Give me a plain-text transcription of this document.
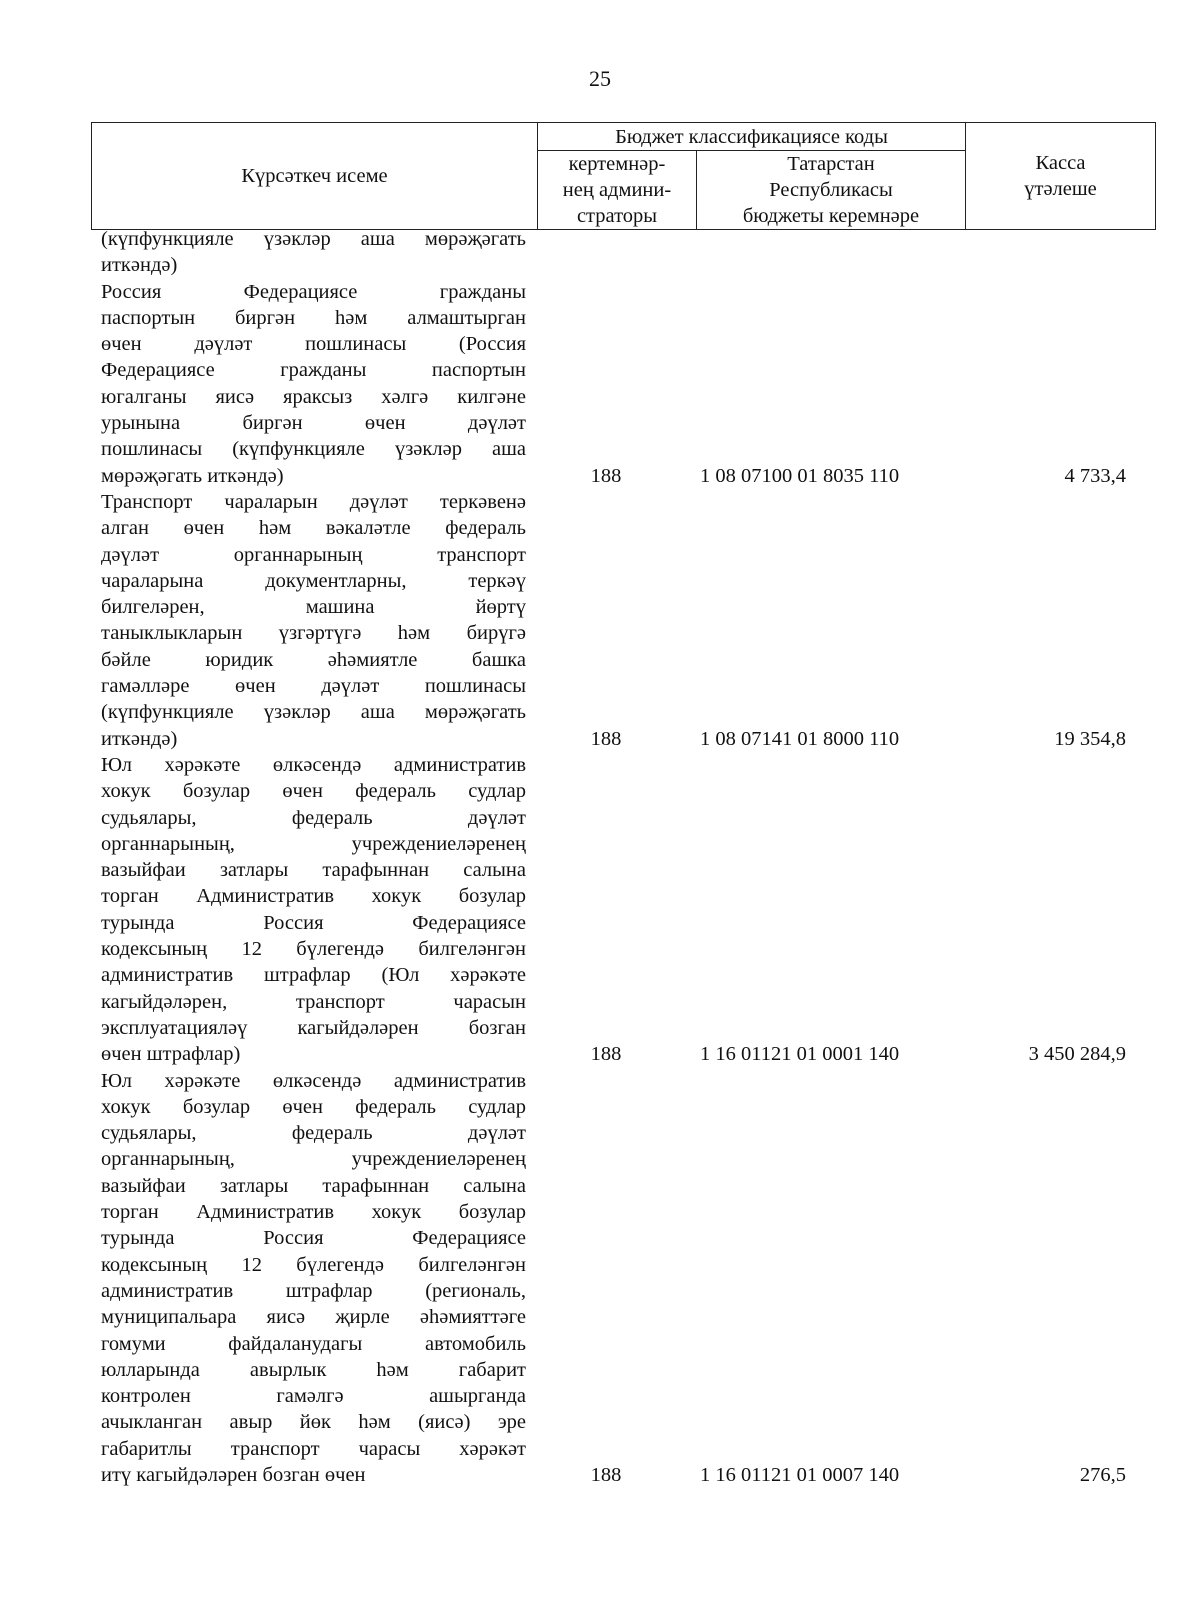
25
Күрсәткеч исеме	Бюджет классификациясе коды		Касса
үтәлеше
	кертемнәр-
нең админи-
страторы	Татарстан
Республикасы
бюджеты керемнәре	
(күпфункцияле үзәкләр аша мөрәҗәгать
иткәндә)
Россия Федерациясе гражданы
паспортын биргән һәм алмаштырган
өчен дәүләт пошлинасы (Россия
Федерациясе гражданы паспортын
югалганы яисә яраксыз хәлгә килгәне
урынына биргән өчен дәүләт
пошлинасы (күпфункцияле үзәкләр аша
мөрәҗәгать иткәндә)	188	1 08 07100 01 8035 110	4 733,4
Транспорт чараларын дәүләт теркәвенә
алган өчен һәм вәкаләтле федераль
дәүләт органнарының транспорт
чараларына документларны, теркәү
билгеләрен, машина йөртү
таныклыкларын үзгәртүгә һәм бирүгә
бәйле юридик әһәмиятле башка
гамәлләре өчен дәүләт пошлинасы
(күпфункцияле үзәкләр аша мөрәҗәгать
иткәндә)	188	1 08 07141 01 8000 110	19 354,8
Юл хәрәкәте өлкәсендә административ
хокук бозулар өчен федераль судлар
судьялары, федераль дәүләт
органнарының, учреждениеләренең
вазыйфаи затлары тарафыннан салына
торган Административ хокук бозулар
турында Россия Федерациясе
кодексының 12 бүлегендә билгеләнгән
административ штрафлар (Юл хәрәкәте
кагыйдәләрен, транспорт чарасын
эксплуатацияләү кагыйдәләрен бозган
өчен штрафлар)	188	1 16 01121 01 0001 140	3 450 284,9
Юл хәрәкәте өлкәсендә административ
хокук бозулар өчен федераль судлар
судьялары, федераль дәүләт
органнарының, учреждениеләренең
вазыйфаи затлары тарафыннан салына
торган Административ хокук бозулар
турында Россия Федерациясе
кодексының 12 бүлегендә билгеләнгән
административ штрафлар (региональ,
муниципальара яисә җирле әһәмияттәге
гомуми файдаланудагы автомобиль
юлларында авырлык һәм габарит
контролен гамәлгә ашырганда
ачыкланган авыр йөк һәм (яисә) эре
габаритлы транспорт чарасы хәрәкәт
итү кагыйдәләрен бозган өчен	188	1 16 01121 01 0007 140	276,5
